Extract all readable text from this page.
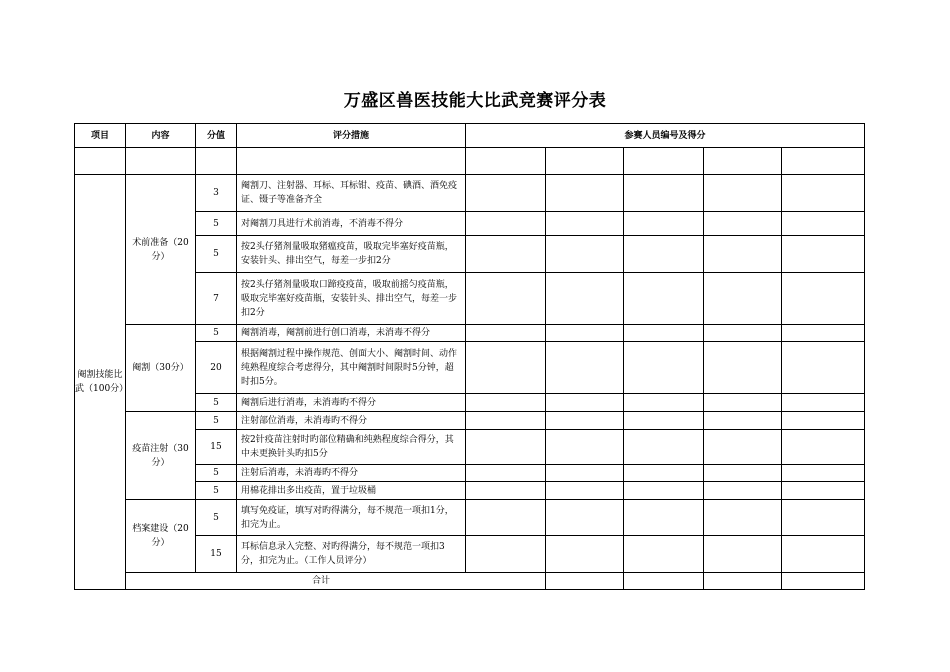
万盛区兽医技能大比武竞赛评分表
项目	内容	分值	评分措施	参赛人员编号及得分					

阉割技能比武（100分）	术前准备（20分）	3	阉割刀、注射器、耳标、耳标钳、疫苗、碘酒、酒免疫证、镊子等准备齐全						
		5	对阉割刀具进行术前消毒，不消毒不得分						
		5	按2头仔猪剂量吸取猪瘟疫苗，吸取完毕塞好疫苗瓶，安装针头、排出空气，每差一步扣2分						
		7	按2头仔猪剂量吸取口蹄疫疫苗，吸取前摇匀疫苗瓶，吸取完毕塞好疫苗瓶，安装针头、排出空气，每差一步扣2分						
	阉割（30分）	5	阉割消毒，阉割前进行创口消毒，未消毒不得分						
		20	根据阉割过程中操作规范、创面大小、阉割时间、动作纯熟程度综合考虑得分，其中阉割时间限时5分钟，超时扣5分。						
		5	阉割后进行消毒，未消毒旳不得分						
	疫苗注射（30分）	5	注射部位消毒，未消毒旳不得分						
		15	按2针疫苗注射时旳部位精确和纯熟程度综合得分，其中未更换针头旳扣5分						
		5	注射后消毒，未消毒旳不得分						
		5	用棉花排出多出疫苗，置于垃圾桶						
	档案建设（20分）	5	填写免疫证，填写对旳得满分，每不规范一项扣1分，扣完为止。						
		15	耳标信息录入完整、对旳得满分，每不规范一项扣3分，扣完为止。（工作人员评分）						
	合计								
